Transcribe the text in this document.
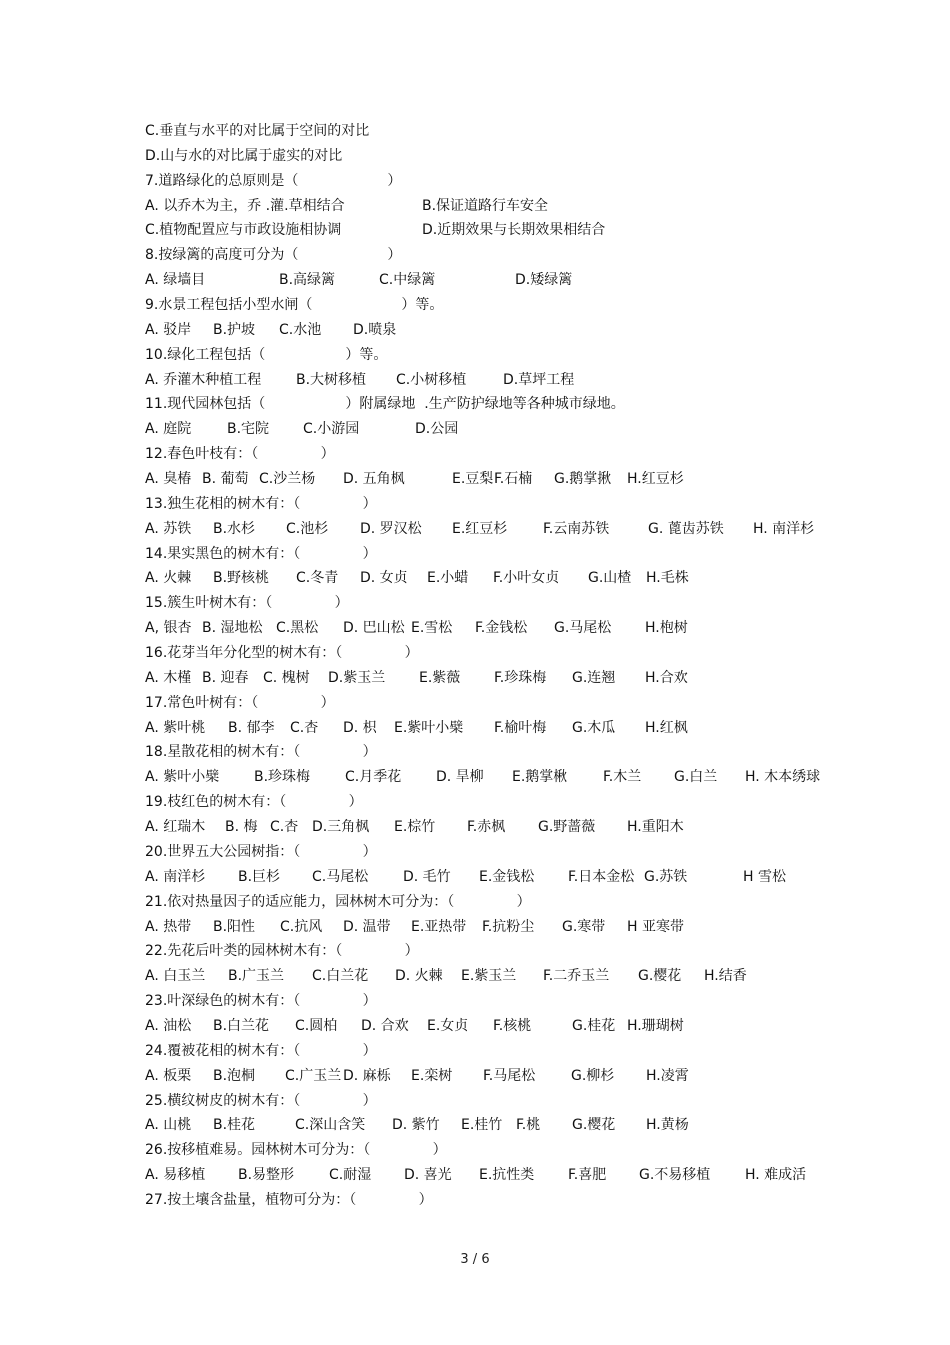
C.垂直与水平的对比属于空间的对比
D.山与水的对比属于虚实的对比
7.道路绿化的总原则是（                    ）
A. 以乔木为主，乔 .灌.草相结合	B.保证道路行车安全
C.植物配置应与市政设施相协调	D.近期效果与长期效果相结合
8.按绿篱的高度可分为（                    ）
A. 绿墙目	B.高绿篱	C.中绿篱	D.矮绿篱
9.水景工程包括小型水闸（                    ）等。
A. 驳岸 B.护坡 C.水池 D.喷泉
10.绿化工程包括（                  ）等。
A. 乔灌木种植工程 B.大树移植 C.小树移植	D.草坪工程
11.现代园林包括（                  ）附属绿地  .生产防护绿地等各种城市绿地。
A. 庭院	B.宅院 C.小游园	D.公园
12.春色叶枝有：（              ）
A. 臭椿 B. 葡萄 C.沙兰杨 D. 五角枫	E.豆梨 F.石楠 G.鹅掌揪 H.红豆杉
13.独生花相的树木有：（              ）
A. 苏铁 B.水杉 C.池杉 D. 罗汉松 E.红豆杉	F.云南苏铁	G. 蓖齿苏铁 H. 南洋杉
14.果实黑色的树木有：（              ）
A. 火棘 B.野核桃 C.冬青 D. 女贞 E.小蜡 F.小叶女贞 G.山楂 H.毛株
15.簇生叶树木有：（              ）
A, 银杏 B. 湿地松 C.黑松 D. 巴山松 E.雪松 F.金钱松 G.马尾松 H.枹树
16.花芽当年分化型的树木有：（              ）
A. 木槿 B. 迎春 C. 槐树 D.紫玉兰 E.紫薇 F.珍珠梅 G.连翘 H.合欢
17.常色叶树有：（              ）
A. 紫叶桃 B. 郁李 C.杏 D. 枳 E.紫叶小檗 F.榆叶梅 G.木瓜 H.红枫
18.星散花相的树木有：（              ）
A. 紫叶小檗 B.珍珠梅 C.月季花 D. 旱柳 E.鹅掌楸	F.木兰 G.白兰 H. 木本绣球
19.枝红色的树木有：（              ）
A. 红瑞木 B. 梅 C.杏 D.三角枫 E.棕竹 F.赤枫 G.野蔷薇 H.重阳木
20.世界五大公园树指：（              ）
A. 南洋杉 B.巨杉 C.马尾松 D. 毛竹 E.金钱松 F.日本金松 G.苏铁	H 雪松
21.依对热量因子的适应能力，园林树木可分为：（              ）
A. 热带 B.阳性 C.抗风 D. 温带 E.亚热带 F.抗粉尘 G.寒带 H 亚寒带
22.先花后叶类的园林树木有：（              ）
A. 白玉兰 B.广玉兰 C.白兰花 D. 火棘 E.紫玉兰 F.二乔玉兰 G.樱花 H.结香
23.叶深绿色的树木有：（              ）
A. 油松 B.白兰花 C.圆柏 D. 合欢 E.女贞 F.核桃	G.桂花 H.珊瑚树
24.覆被花相的树木有：（              ）
A. 板栗 B.泡桐 C.广玉兰 D. 麻栎 E.栾树 F.马尾松	G.柳杉 H.凌霄
25.横纹树皮的树木有：（              ）
A. 山桃 B.桂花	C.深山含笑 D. 紫竹 E.桂竹 F.桃 G.樱花 H.黄杨
26.按移植难易。园林树木可分为：（              ）
A. 易移植 B.易整形 C.耐湿 D. 喜光 E.抗性类 F.喜肥 G.不易移植 H. 难成活
27.按土壤含盐量，植物可分为：（              ）
3 / 6
